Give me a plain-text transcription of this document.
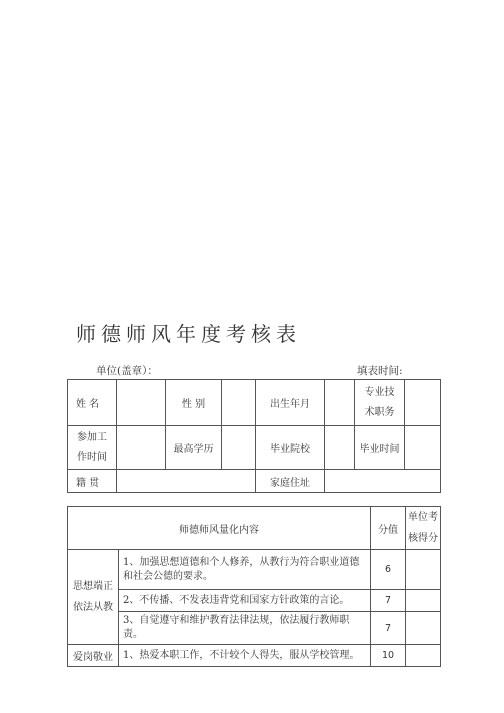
师德师风年度考核表
单位(盖章）：	填表时间:
姓 名		性 别		出生年月		专业技
术职务	

参加工
作时间		最高学历		毕业院校		毕业时间	
籍 贯				家庭住址			
师德师风量化内容		分值	单位考
核得分

思想端正
依法从教	1、加强思想道德和个人修养，从教行为符合职业道德和社会公德的要求。	6	
	2、不传播、不发表违背党和国家方针政策的言论。	7	
	3、自觉遵守和维护教育法律法规，依法履行教师职责。	7	
爱岗敬业	1、热爱本职工作，不计较个人得失，服从学校管理。	10	
